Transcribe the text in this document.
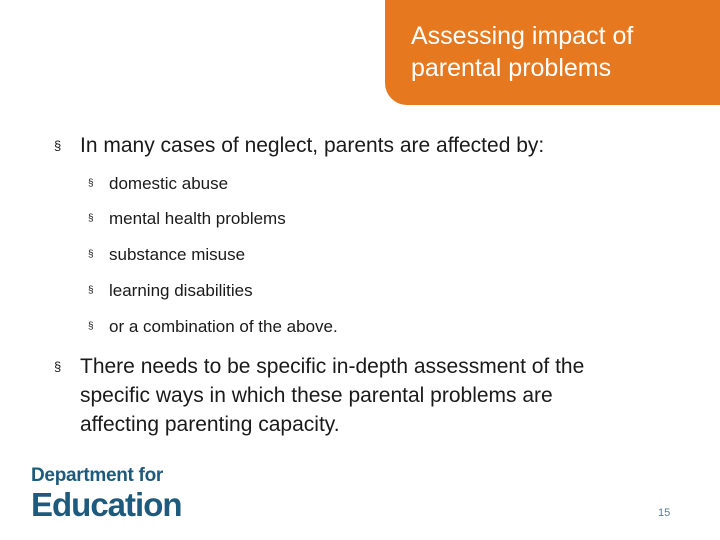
Assessing impact of
parental problems
§ In many cases of neglect, parents are affected by:
§ domestic abuse
§ mental health problems
§ substance misuse
§ learning disabilities
§ or a combination of the above.
§ There needs to be specific in-depth assessment of the
specific ways in which these parental problems are
affecting parenting capacity.
Department for
Education	15
